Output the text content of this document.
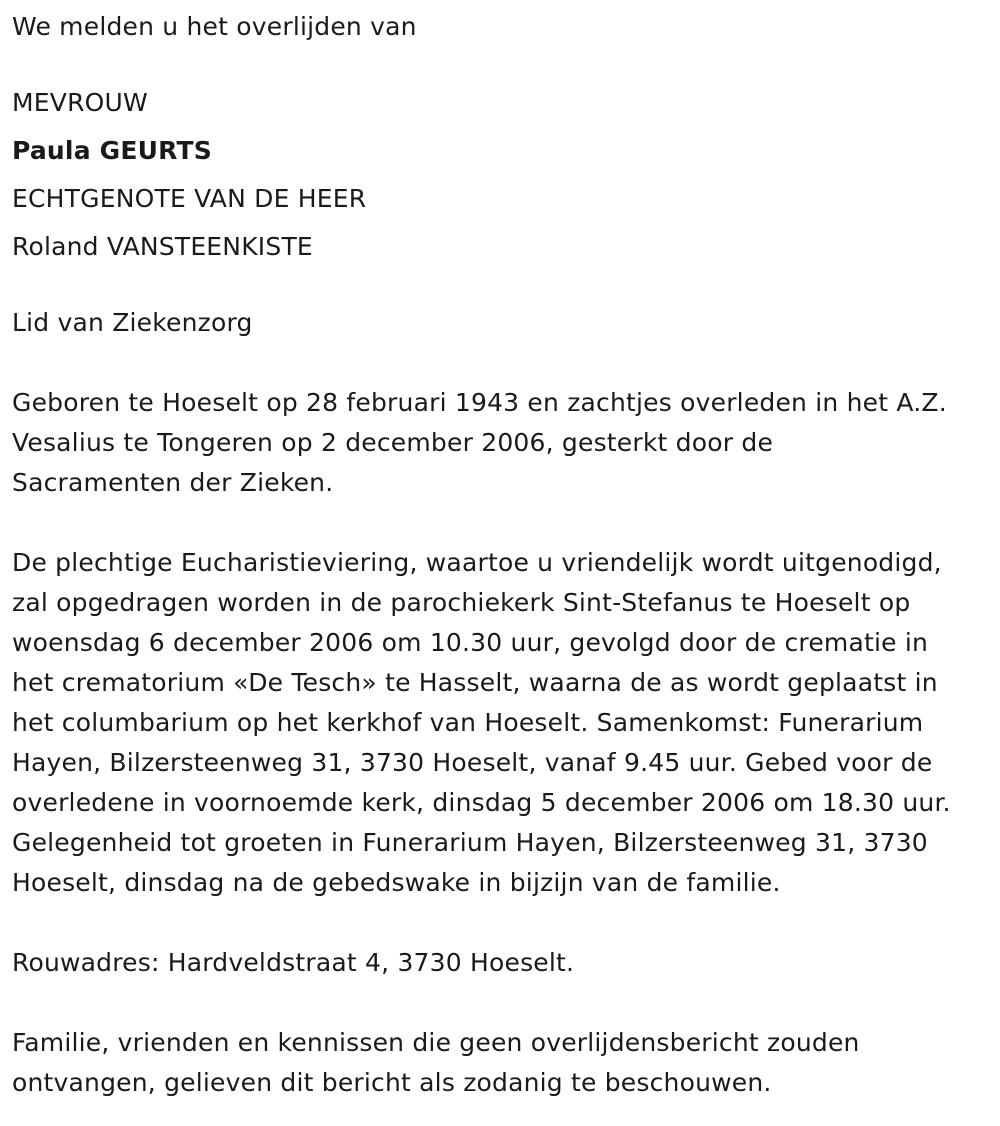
We melden u het overlijden van
MEVROUW
Paula GEURTS
ECHTGENOTE VAN DE HEER
Roland VANSTEENKISTE
Lid van Ziekenzorg
Geboren te Hoeselt op 28 februari 1943 en zachtjes overleden in het A.Z.
Vesalius te Tongeren op 2 december 2006, gesterkt door de
Sacramenten der Zieken.
De plechtige Eucharistieviering, waartoe u vriendelijk wordt uitgenodigd,
zal opgedragen worden in de parochiekerk Sint-Stefanus te Hoeselt op
woensdag 6 december 2006 om 10.30 uur, gevolgd door de crematie in
het crematorium «De Tesch» te Hasselt, waarna de as wordt geplaatst in
het columbarium op het kerkhof van Hoeselt. Samenkomst: Funerarium
Hayen, Bilzersteenweg 31, 3730 Hoeselt, vanaf 9.45 uur. Gebed voor de
overledene in voornoemde kerk, dinsdag 5 december 2006 om 18.30 uur.
Gelegenheid tot groeten in Funerarium Hayen, Bilzersteenweg 31, 3730
Hoeselt, dinsdag na de gebedswake in bijzijn van de familie.
Rouwadres: Hardveldstraat 4, 3730 Hoeselt.
Familie, vrienden en kennissen die geen overlijdensbericht zouden
ontvangen, gelieven dit bericht als zodanig te beschouwen.
